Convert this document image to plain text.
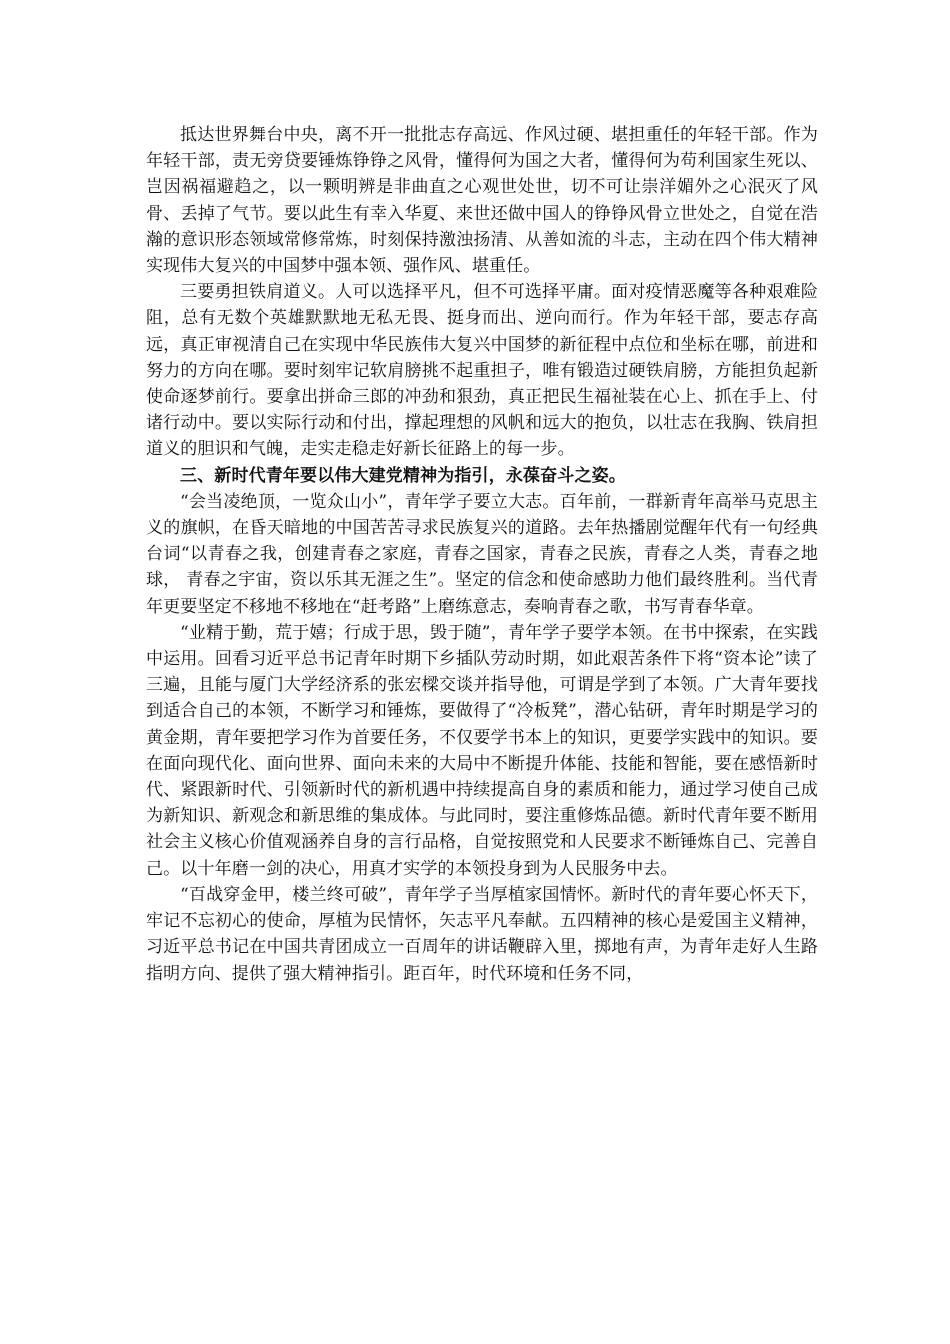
抵达世界舞台中央，离不开一批批志存高远、作风过硬、堪担重任的年轻干部。作为年轻干部，责无旁贷要锤炼铮铮之风骨，懂得何为国之大者，懂得何为苟利国家生死以、岂因祸福避趋之，以一颗明辨是非曲直之心观世处世，切不可让崇洋媚外之心泯灭了风骨、丢掉了气节。要以此生有幸入华夏、来世还做中国人的铮铮风骨立世处之，自觉在浩瀚的意识形态领域常修常炼，时刻保持激浊扬清、从善如流的斗志，主动在四个伟大精神实现伟大复兴的中国梦中强本领、强作风、堪重任。

三要勇担铁肩道义。人可以选择平凡，但不可选择平庸。面对疫情恶魔等各种艰难险阻，总有无数个英雄默默地无私无畏、挺身而出、逆向而行。作为年轻干部，要志存高远，真正审视清自己在实现中华民族伟大复兴中国梦的新征程中点位和坐标在哪，前进和努力的方向在哪。要时刻牢记软肩膀挑不起重担子，唯有锻造过硬铁肩膀，方能担负起新使命逐梦前行。要拿出拼命三郎的冲劲和狠劲，真正把民生福祉装在心上、抓在手上、付诸行动中。要以实际行动和付出，撑起理想的风帆和远大的抱负，以壮志在我胸、铁肩担道义的胆识和气魄，走实走稳走好新长征路上的每一步。

三、新时代青年要以伟大建党精神为指引，永葆奋斗之姿。

“会当凌绝顶，一览众山小”，青年学子要立大志。百年前，一群新青年高举马克思主义的旗帜，在昏天暗地的中国苦苦寻求民族复兴的道路。去年热播剧觉醒年代有一句经典台词“以青春之我，创建青春之家庭，青春之国家，青春之民族，青春之人类，青春之地球， 青春之宇宙，资以乐其无涯之生”。坚定的信念和使命感助力他们最终胜利。当代青年更要坚定不移地不移地在“赶考路”上磨练意志，奏响青春之歌，书写青春华章。

“业精于勤，荒于嬉；行成于思，毁于随”，青年学子要学本领。在书中探索，在实践中运用。回看习近平总书记青年时期下乡插队劳动时期，如此艰苦条件下将“资本论”读了三遍，且能与厦门大学经济系的张宏樑交谈并指导他，可谓是学到了本领。广大青年要找到适合自己的本领，不断学习和锤炼，要做得了“冷板凳”，潜心钻研，青年时期是学习的黄金期，青年要把学习作为首要任务，不仅要学书本上的知识，更要学实践中的知识。要在面向现代化、面向世界、面向未来的大局中不断提升体能、技能和智能，要在感悟新时代、紧跟新时代、引领新时代的新机遇中持续提高自身的素质和能力，通过学习使自己成为新知识、新观念和新思维的集成体。与此同时，要注重修炼品德。新时代青年要不断用社会主义核心价值观涵养自身的言行品格，自觉按照党和人民要求不断锤炼自己、完善自己。以十年磨一剑的决心，用真才实学的本领投身到为人民服务中去。

“百战穿金甲，楼兰终可破”，青年学子当厚植家国情怀。新时代的青年要心怀天下，牢记不忘初心的使命，厚植为民情怀，矢志平凡奉献。五四精神的核心是爱国主义精神，习近平总书记在中国共青团成立一百周年的讲话鞭辟入里，掷地有声，为青年走好人生路指明方向、提供了强大精神指引。距百年，时代环境和任务不同，
